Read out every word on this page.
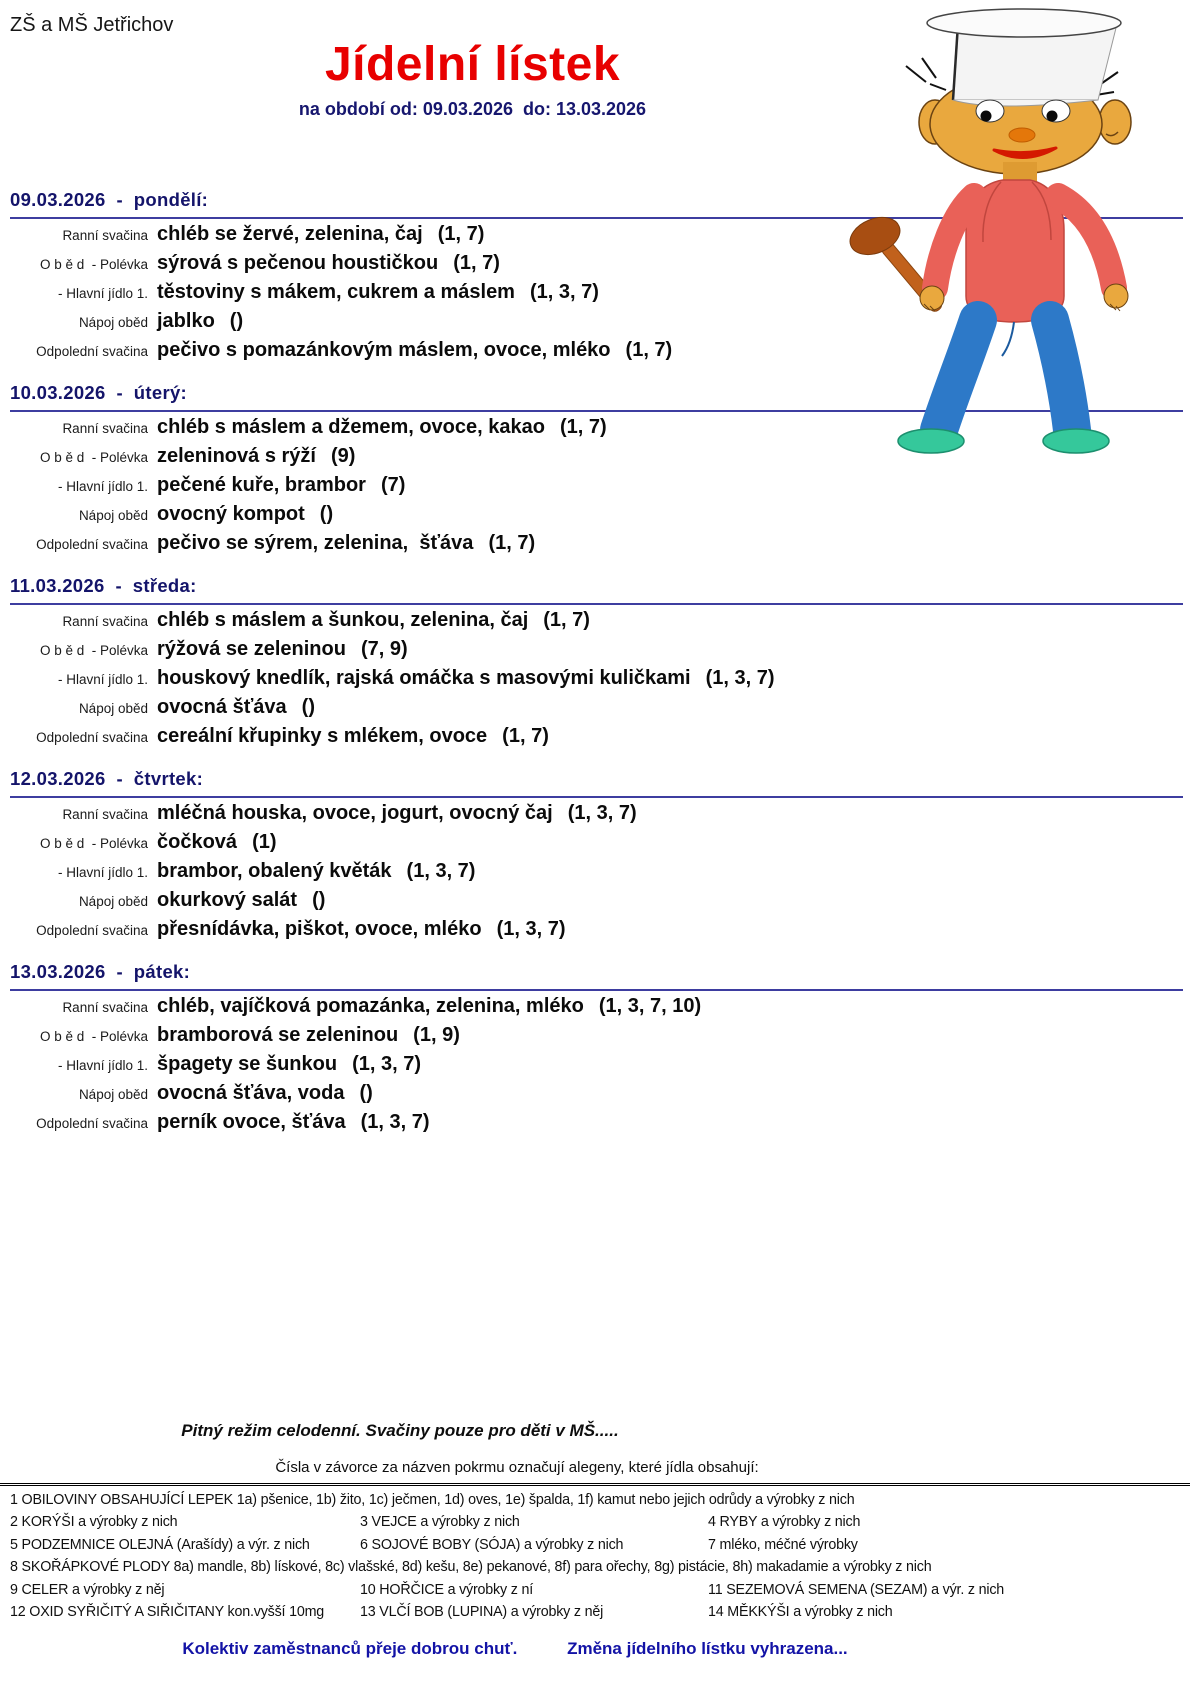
ZŠ a MŠ Jetřichov
Jídelní lístek
na období od: 09.03.2026  do: 13.03.2026
09.03.2026  -  pondělí:
Ranní svačina chléb se žervé, zelenina, čaj (1, 7)
O b ě d  - Polévka sýrová s pečenou houstičkou (1, 7)
- Hlavní jídlo 1. těstoviny s mákem, cukrem a máslem (1, 3, 7)
Nápoj oběd jablko ()
Odpolední svačina pečivo s pomazánkovým máslem, ovoce, mléko (1, 7)
10.03.2026  -  úterý:
Ranní svačina chléb s máslem a džemem, ovoce, kakao (1, 7)
O b ě d  - Polévka zeleninová s rýží (9)
- Hlavní jídlo 1. pečené kuře, brambor (7)
Nápoj oběd ovocný kompot ()
Odpolední svačina pečivo se sýrem, zelenina,  šťáva (1, 7)
11.03.2026  -  středa:
Ranní svačina chléb s máslem a šunkou, zelenina, čaj (1, 7)
O b ě d  - Polévka rýžová se zeleninou (7, 9)
- Hlavní jídlo 1. houskový knedlík, rajská omáčka s masovými kuličkami (1, 3, 7)
Nápoj oběd ovocná šťáva ()
Odpolední svačina cereální křupinky s mlékem, ovoce (1, 7)
12.03.2026  -  čtvrtek:
Ranní svačina mléčná houska, ovoce, jogurt, ovocný čaj (1, 3, 7)
O b ě d  - Polévka čočková (1)
- Hlavní jídlo 1. brambor, obalený květák (1, 3, 7)
Nápoj oběd okurkový salát ()
Odpolední svačina přesnídávka, piškot, ovoce, mléko (1, 3, 7)
13.03.2026  -  pátek:
Ranní svačina chléb, vajíčková pomazánka, zelenina, mléko (1, 3, 7, 10)
O b ě d  - Polévka bramborová se zeleninou (1, 9)
- Hlavní jídlo 1. špagety se šunkou (1, 3, 7)
Nápoj oběd ovocná šťáva, voda ()
Odpolední svačina perník ovoce, šťáva (1, 3, 7)
Pitný režim celodenní. Svačiny pouze pro děti v MŠ.....
Čísla v závorce za názven pokrmu označují alegeny, které jídla obsahují:
1 OBILOVINY OBSAHUJÍCÍ LEPEK 1a) pšenice, 1b) žito, 1c) ječmen, 1d) oves, 1e) špalda, 1f) kamut nebo jejich odrůdy a výrobky z nich
2 KORÝŠI a výrobky z nich	3 VEJCE a výrobky z nich	4 RYBY a výrobky z nich
5 PODZEMNICE OLEJNÁ (Arašídy) a výr. z nich	6 SOJOVÉ BOBY (SÓJA) a výrobky z nich	7 mléko, méčné výrobky
8 SKOŘÁPKOVÉ PLODY 8a) mandle, 8b) lískové, 8c) vlašské, 8d) kešu, 8e) pekanové, 8f) para ořechy, 8g) pistácie, 8h) makadamie a výrobky z nich
9 CELER a výrobky z něj	10 HOŘČICE a výrobky z ní	11 SEZEMOVÁ SEMENA (SEZAM) a výr. z nich
12 OXID SYŘIČITÝ A SIŘIČITANY kon.vyšší 10mg	13 VLČÍ BOB (LUPINA) a výrobky z něj	14 MĚKKÝŠI a výrobky z nich
Kolektiv zaměstnanců přeje dobrou chuť.	Změna jídelního lístku vyhrazena...
